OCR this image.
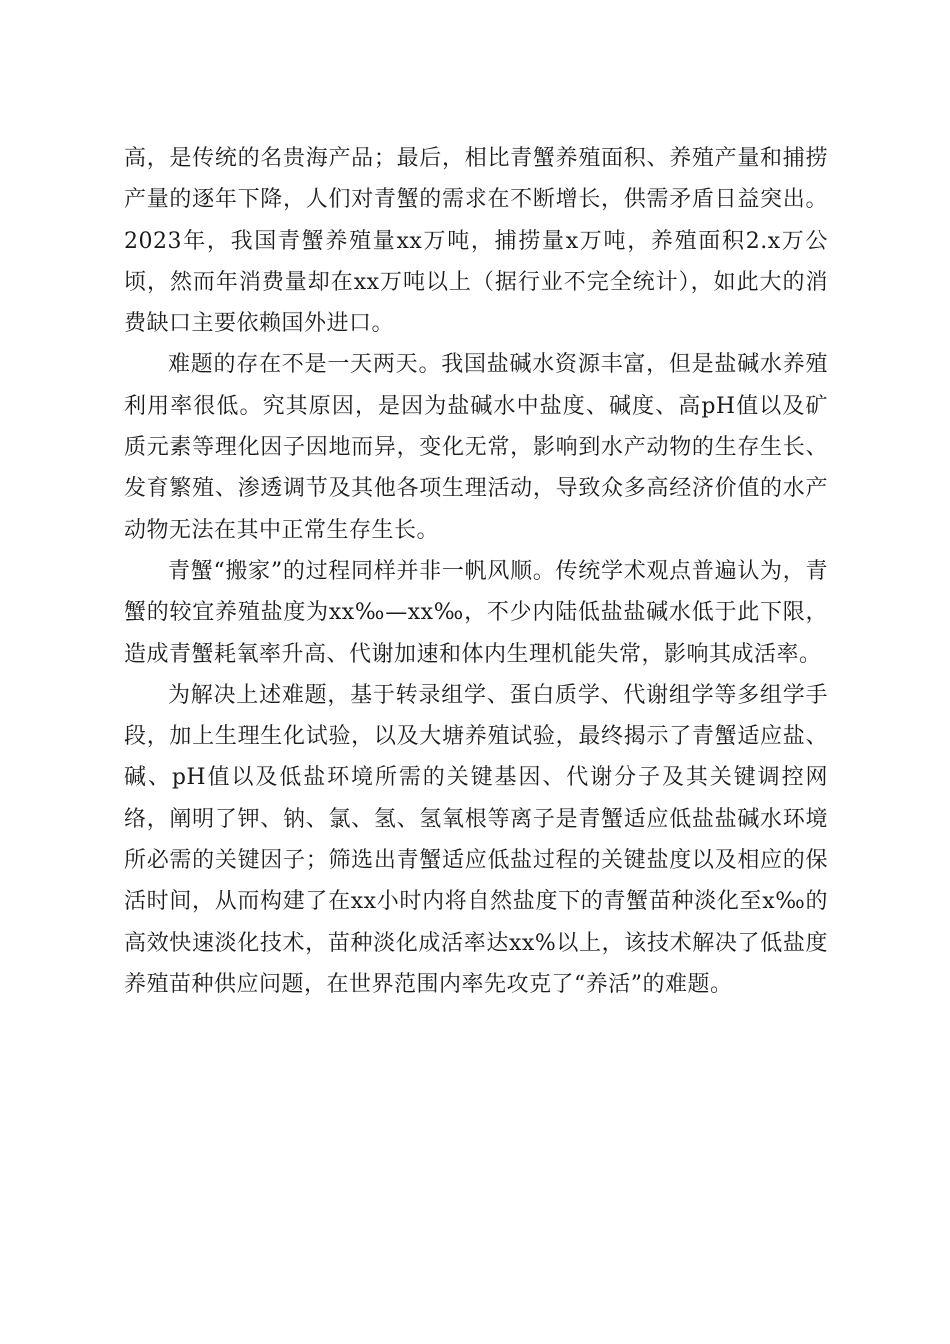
高，是传统的名贵海产品；最后，相比青蟹养殖面积、养殖产量和捕捞产量的逐年下降，人们对青蟹的需求在不断增长，供需矛盾日益突出。2023年，我国青蟹养殖量xx万吨，捕捞量x万吨，养殖面积2.x万公顷，然而年消费量却在xx万吨以上（据行业不完全统计），如此大的消费缺口主要依赖国外进口。

难题的存在不是一天两天。我国盐碱水资源丰富，但是盐碱水养殖利用率很低。究其原因，是因为盐碱水中盐度、碱度、高pH值以及矿质元素等理化因子因地而异，变化无常，影响到水产动物的生存生长、发育繁殖、渗透调节及其他各项生理活动，导致众多高经济价值的水产动物无法在其中正常生存生长。

青蟹“搬家”的过程同样并非一帆风顺。传统学术观点普遍认为，青蟹的较宜养殖盐度为xx‰—xx‰，不少内陆低盐盐碱水低于此下限，造成青蟹耗氧率升高、代谢加速和体内生理机能失常，影响其成活率。

为解决上述难题，基于转录组学、蛋白质学、代谢组学等多组学手段，加上生理生化试验，以及大塘养殖试验，最终揭示了青蟹适应盐、碱、pH值以及低盐环境所需的关键基因、代谢分子及其关键调控网络，阐明了钾、钠、氯、氢、氢氧根等离子是青蟹适应低盐盐碱水环境所必需的关键因子；筛选出青蟹适应低盐过程的关键盐度以及相应的保活时间，从而构建了在xx小时内将自然盐度下的青蟹苗种淡化至x‰的高效快速淡化技术，苗种淡化成活率达xx%以上，该技术解决了低盐度养殖苗种供应问题，在世界范围内率先攻克了“养活”的难题。
